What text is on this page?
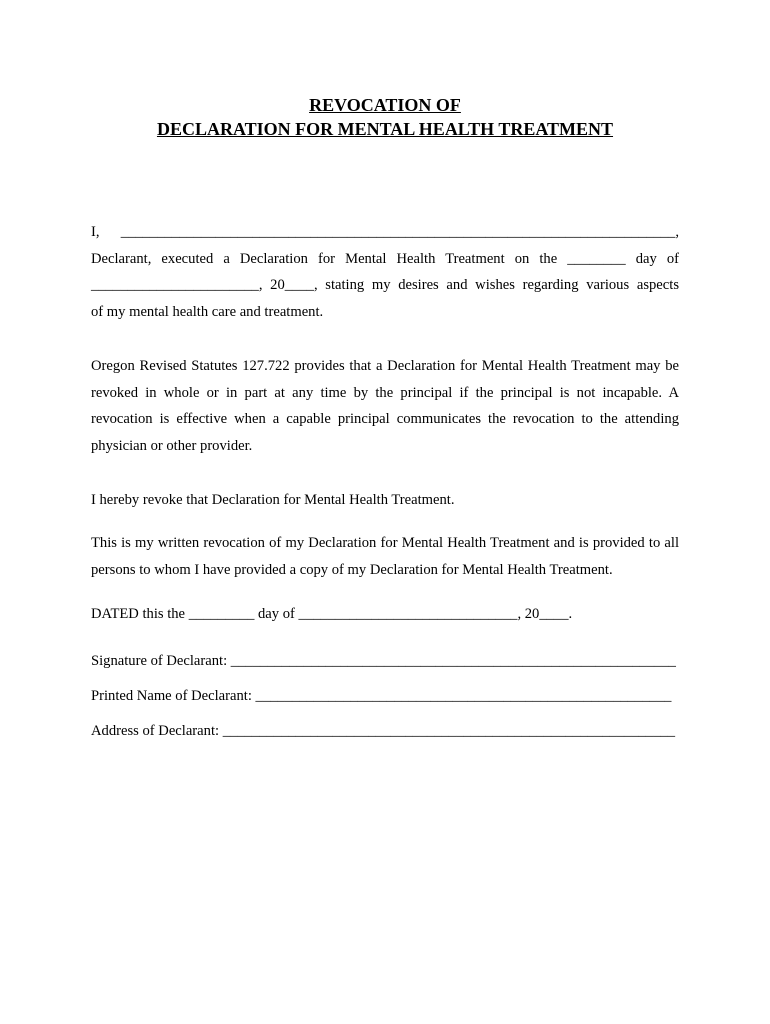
REVOCATION OF
DECLARATION FOR MENTAL HEALTH TREATMENT

I, ____________________________________________________________________________,

Declarant, executed a Declaration for Mental Health Treatment on the ________ day of

_______________________, 20____, stating my desires and wishes regarding various aspects

of my mental health care and treatment.

Oregon Revised Statutes 127.722 provides that a Declaration for Mental Health Treatment may be revoked in whole or in part at any time by the principal if the principal is not incapable. A revocation is effective when a capable principal communicates the revocation to the attending physician or other provider.

I hereby revoke that Declaration for Mental Health Treatment.

This is my written revocation of my Declaration for Mental Health Treatment and is provided to all persons to whom I have provided a copy of my Declaration for Mental Health Treatment.

DATED this the _________ day of ______________________________, 20____.

Signature of Declarant: _____________________________________________________________
Printed Name of Declarant: _________________________________________________________
Address of Declarant: ______________________________________________________________
